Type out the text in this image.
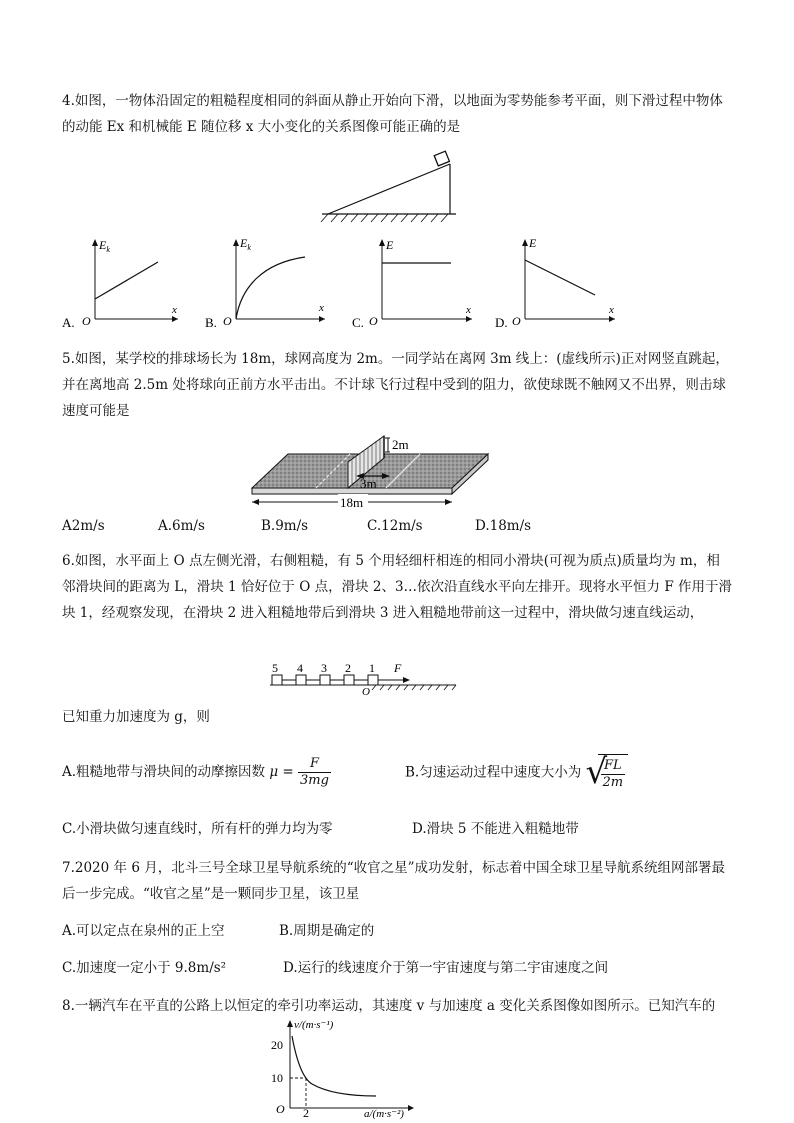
4.如图，一物体沿固定的粗糙程度相同的斜面从静止开始向下滑，以地面为零势能参考平面，则下滑过程中物体的动能 Ex 和机械能 E 随位移 x 大小变化的关系图像可能正确的是

A. O
x
$E_k$
B. O
x
$E_k$
C. O
x
E
D. O
x
E

5.如图，某学校的排球场长为 18m，球网高度为 2m。一同学站在离网 3m 线上：(虚线所示)正对网竖直跳起，并在离地高 2.5m 处将球向正前方水平击出。不计球飞行过程中受到的阻力，欲使球既不触网又不出界，则击球速度可能是

2m
3m
18m
A2m/s	A.6m/s	B.9m/s	C.12m/s	D.18m/s

6.如图，水平面上 O 点左侧光滑，右侧粗糙，有 5 个用轻细杆相连的相同小滑块(可视为质点)质量均为 m，相邻滑块间的距离为 L，滑块 1 恰好位于 O 点，滑块 2、3…依次沿直线水平向左排开。现将水平恒力 F 作用于滑块 1，经观察发现，在滑块 2 进入粗糙地带后到滑块 3 进入粗糙地带前这一过程中，滑块做匀速直线运动，

5 4 3 2 1 F
O
已知重力加速度为 g，则
A.粗糙地带与滑块间的动摩擦因数 $\mu = \frac{F}{3mg}$	B.匀速运动过程中速度大小为 √
$\frac{FL}{2m}$
C.小滑块做匀速直线时，所有杆的弹力均为零	D.滑块 5 不能进入粗糙地带

7.2020 年 6 月，北斗三号全球卫星导航系统的“收官之星”成功发射，标志着中国全球卫星导航系统组网部署最后一步完成。“收官之星”是一颗同步卫星，该卫星

A.可以定点在泉州的正上空	B.周期是确定的
C.加速度一定小于 9.8m/s²	D.运行的线速度介于第一宇宙速度与第二宇宙速度之间
8.一辆汽车在平直的公路上以恒定的牵引功率运动，其速度 v 与加速度 a 变化关系图像如图所示。已知汽车的
v/(m·s⁻¹)
20
10
O 2	a/(m·s⁻²)
